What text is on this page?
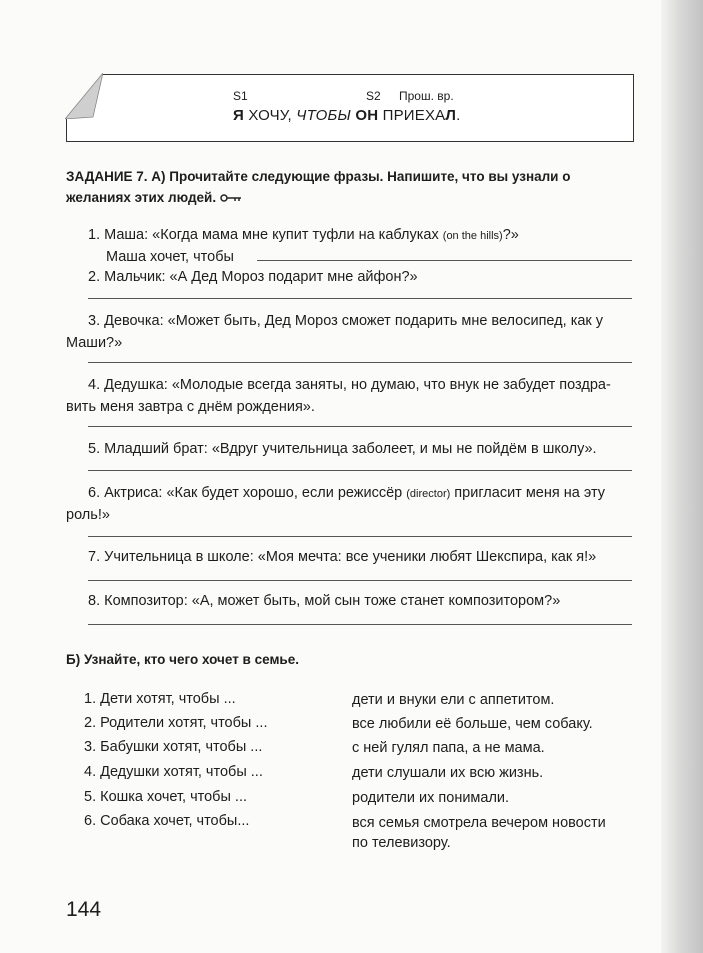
S1	S2 Прош. вр.
Я ХОЧУ, ЧТОБЫ ОН ПРИЕХАЛ.
ЗАДАНИЕ 7. А) Прочитайте следующие фразы. Напишите, что вы узнали о желаниях этих людей.
1. Маша: «Когда мама мне купит туфли на каблуках (on the hills)?»
Маша хочет, чтобы
2. Мальчик: «А Дед Мороз подарит мне айфон?»
3. Девочка: «Может быть, Дед Мороз сможет подарить мне велосипед, как у
Маши?»
4. Дедушка: «Молодые всегда заняты, но думаю, что внук не забудет поздра-
вить меня завтра с днём рождения».
5. Младший брат: «Вдруг учительница заболеет, и мы не пойдём в школу».
6. Актриса: «Как будет хорошо, если режиссёр (director) пригласит меня на эту
роль!»
7. Учительница в школе: «Моя мечта: все ученики любят Шекспира, как я!»
8. Композитор: «А, может быть, мой сын тоже станет композитором?»
Б) Узнайте, кто чего хочет в семье.
1. Дети хотят, чтобы ...
2. Родители хотят, чтобы ...
3. Бабушки хотят, чтобы ...
4. Дедушки хотят, чтобы ...
5. Кошка хочет, чтобы ...
6. Собака хочет, чтобы...
дети и внуки ели с аппетитом.
все любили её больше, чем собаку.
с ней гулял папа, а не мама.
дети слушали их всю жизнь.
родители их понимали.
вся семья смотрела вечером новости
по телевизору.
144
